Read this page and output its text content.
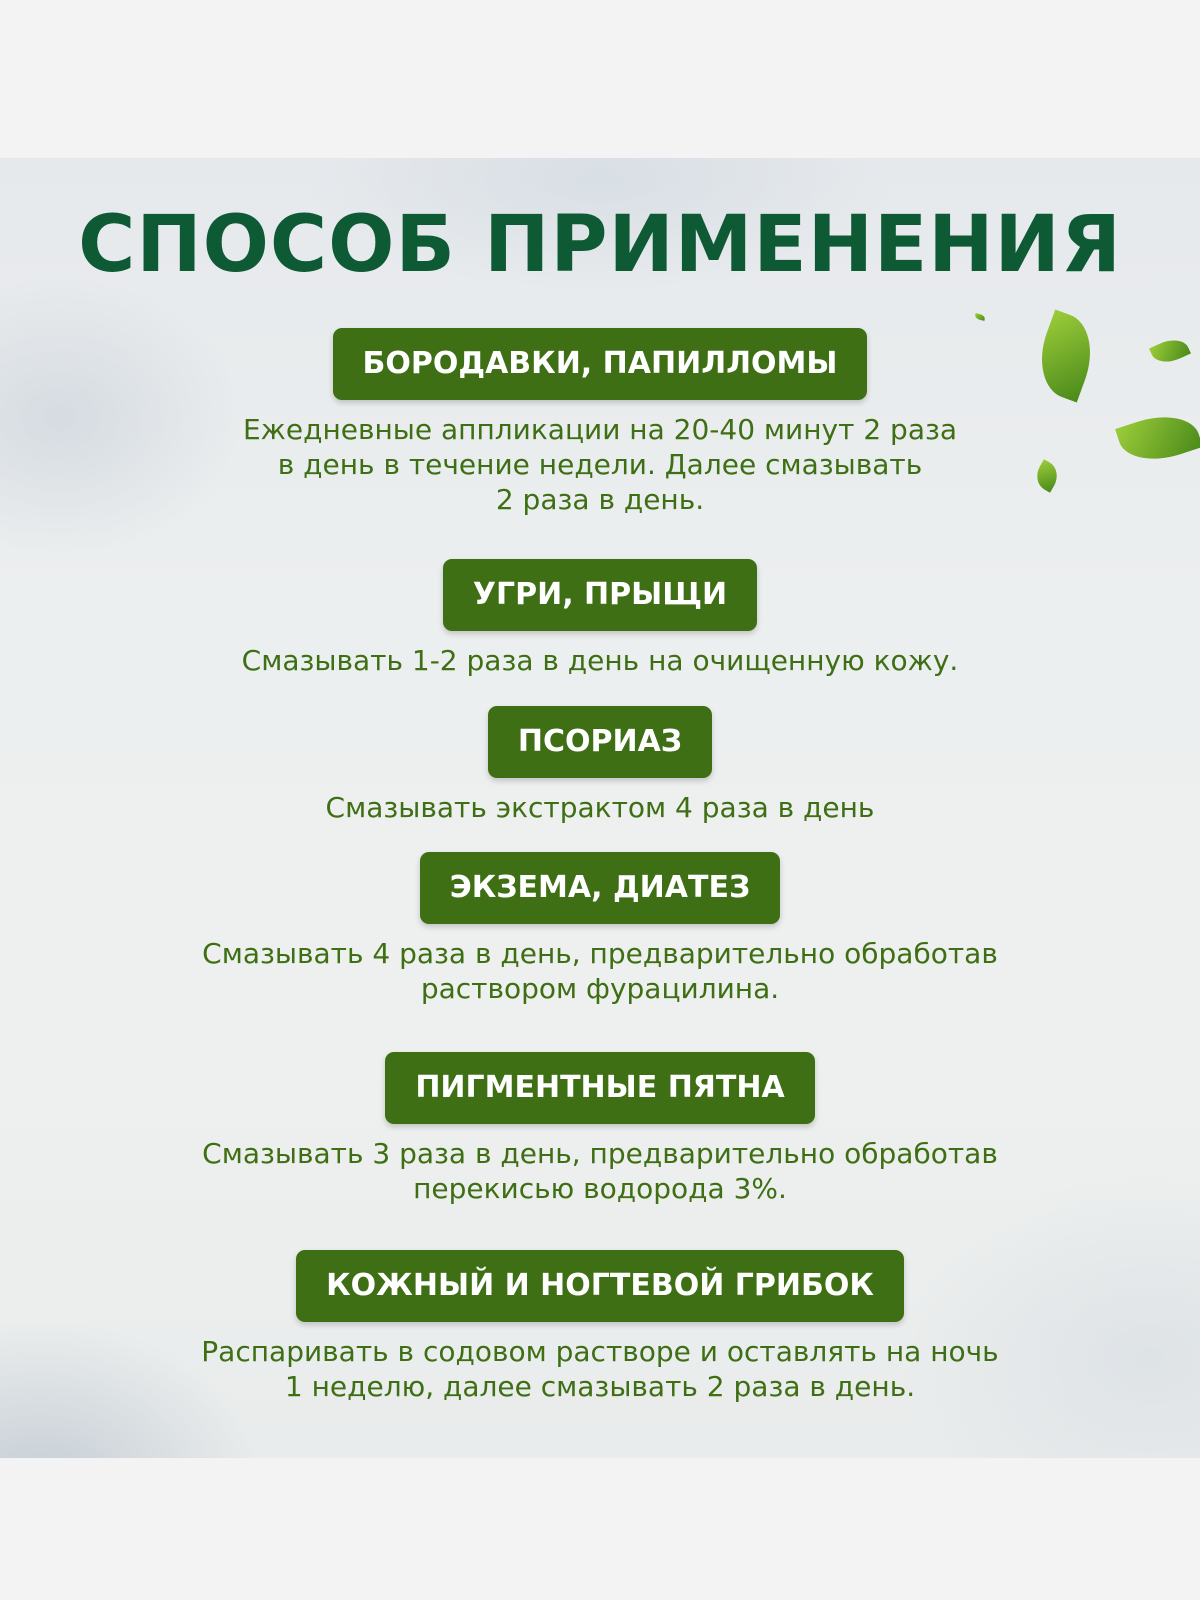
СПОСОБ ПРИМЕНЕНИЯ
БОРОДАВКИ, ПАПИЛЛОМЫ
Ежедневные аппликации на 20-40 минут 2 раза
в день в течение недели. Далее смазывать
2 раза в день.
УГРИ, ПРЫЩИ
Смазывать 1-2 раза в день на очищенную кожу.
ПСОРИАЗ
Смазывать экстрактом 4 раза в день
ЭКЗЕМА, ДИАТЕЗ
Смазывать 4 раза в день, предварительно обработав
раствором фурацилина.
ПИГМЕНТНЫЕ ПЯТНА
Смазывать 3 раза в день, предварительно обработав
перекисью водорода 3%.
КОЖНЫЙ И НОГТЕВОЙ ГРИБОК
Распаривать в содовом растворе и оставлять на ночь
1 неделю, далее смазывать 2 раза в день.
